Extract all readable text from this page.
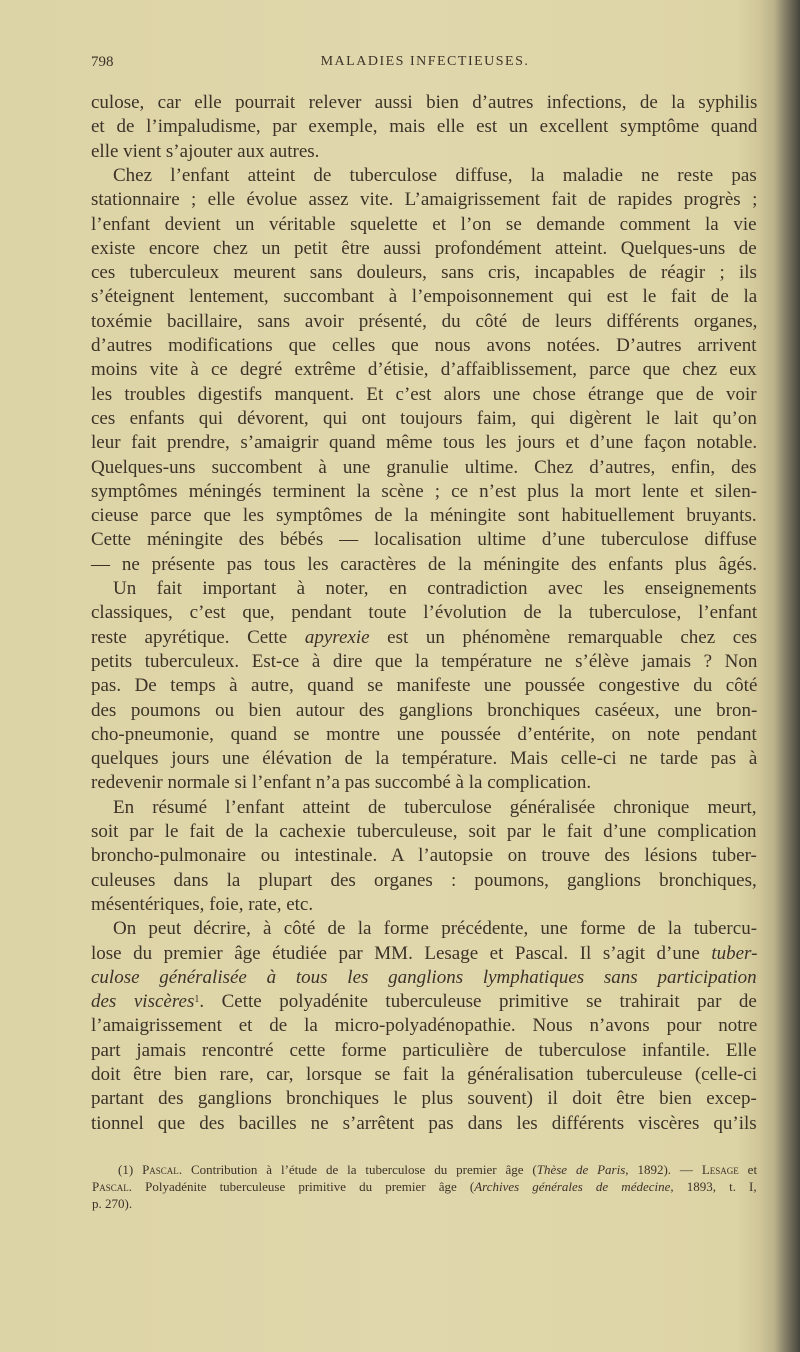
798	MALADIES INFECTIEUSES.
culose, car elle pourrait relever aussi bien d’autres infections, de la syphilis
et de l’impaludisme, par exemple, mais elle est un excellent symptôme quand
elle vient s’ajouter aux autres.
Chez l’enfant atteint de tuberculose diffuse, la maladie ne reste pas
stationnaire ; elle évolue assez vite. L’amaigrissement fait de rapides progrès ;
l’enfant devient un véritable squelette et l’on se demande comment la vie
existe encore chez un petit être aussi profondément atteint. Quelques-uns de
ces tuberculeux meurent sans douleurs, sans cris, incapables de réagir ; ils
s’éteignent lentement, succombant à l’empoisonnement qui est le fait de la
toxémie bacillaire, sans avoir présenté, du côté de leurs différents organes,
d’autres modifications que celles que nous avons notées. D’autres arrivent
moins vite à ce degré extrême d’étisie, d’affaiblissement, parce que chez eux
les troubles digestifs manquent. Et c’est alors une chose étrange que de voir
ces enfants qui dévorent, qui ont toujours faim, qui digèrent le lait qu’on
leur fait prendre, s’amaigrir quand même tous les jours et d’une façon notable.
Quelques-uns succombent à une granulie ultime. Chez d’autres, enfin, des
symptômes méningés terminent la scène ; ce n’est plus la mort lente et silen-
cieuse parce que les symptômes de la méningite sont habituellement bruyants.
Cette méningite des bébés — localisation ultime d’une tuberculose diffuse
— ne présente pas tous les caractères de la méningite des enfants plus âgés.
Un fait important à noter, en contradiction avec les enseignements
classiques, c’est que, pendant toute l’évolution de la tuberculose, l’enfant
reste apyrétique. Cette apyrexie est un phénomène remarquable chez ces
petits tuberculeux. Est-ce à dire que la température ne s’élève jamais ? Non
pas. De temps à autre, quand se manifeste une poussée congestive du côté
des poumons ou bien autour des ganglions bronchiques caséeux, une bron-
cho-pneumonie, quand se montre une poussée d’entérite, on note pendant
quelques jours une élévation de la température. Mais celle-ci ne tarde pas à
redevenir normale si l’enfant n’a pas succombé à la complication.
En résumé l’enfant atteint de tuberculose généralisée chronique meurt,
soit par le fait de la cachexie tuberculeuse, soit par le fait d’une complication
broncho-pulmonaire ou intestinale. A l’autopsie on trouve des lésions tuber-
culeuses dans la plupart des organes : poumons, ganglions bronchiques,
mésentériques, foie, rate, etc.
On peut décrire, à côté de la forme précédente, une forme de la tubercu-
lose du premier âge étudiée par MM. Lesage et Pascal. Il s’agit d’une tuber-
culose généralisée à tous les ganglions lymphatiques sans participation
des viscères$^1$. Cette polyadénite tuberculeuse primitive se trahirait par de
l’amaigrissement et de la micro-polyadénopathie. Nous n’avons pour notre
part jamais rencontré cette forme particulière de tuberculose infantile. Elle
doit être bien rare, car, lorsque se fait la généralisation tuberculeuse (celle-ci
partant des ganglions bronchiques le plus souvent) il doit être bien excep-
tionnel que des bacilles ne s’arrêtent pas dans les différents viscères qu’ils
(1) Pascal. Contribution à l’étude de la tuberculose du premier âge (Thèse de Paris, 1892). — Lesage et
Pascal. Polyadénite tuberculeuse primitive du premier âge (Archives générales de médecine, 1893, t. I,
p. 270).
